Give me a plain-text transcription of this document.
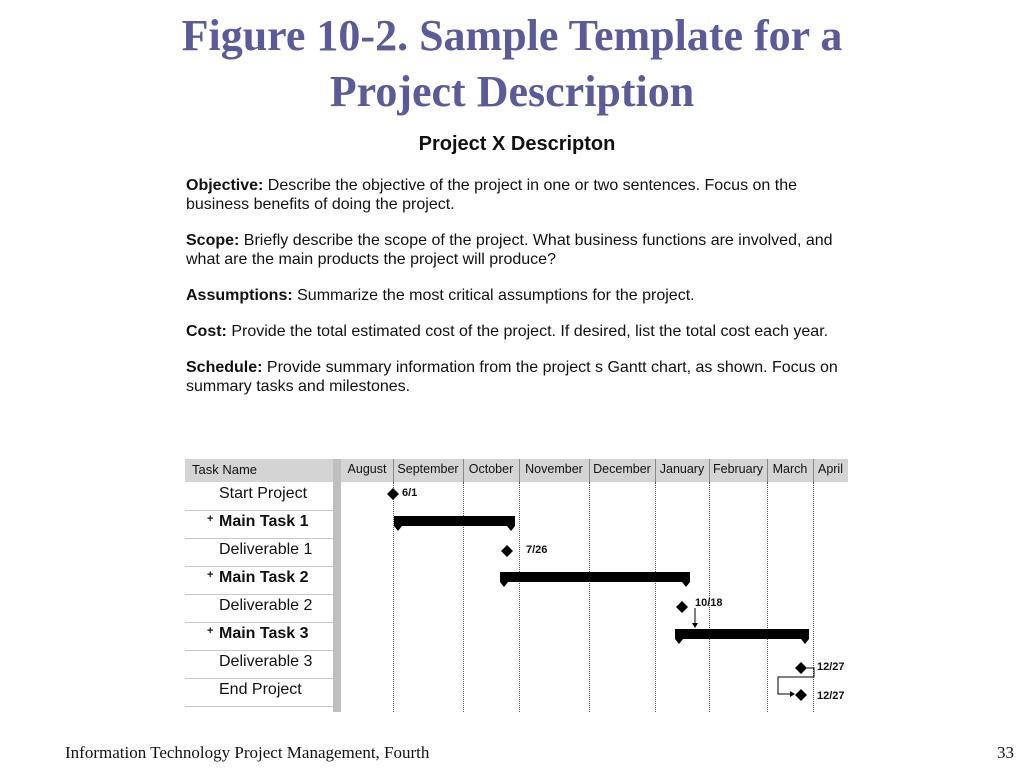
Figure 10-2. Sample Template for a
Project Description
Project X Descripton

Objective: Describe the objective of the project in one or two sentences. Focus on the business benefits of doing the project.

Scope: Briefly describe the scope of the project. What business functions are involved, and what are the main products the project will produce?

Assumptions: Summarize the most critical assumptions for the project.

Cost: Provide the total estimated cost of the project. If desired, list the total cost each year.

Schedule: Provide summary information from the project s Gantt chart, as shown. Focus on summary tasks and milestones.

Task Name	August September October November December January February March April
Start Project
+ Main Task 1
Deliverable 1
+ Main Task 2
Deliverable 2
+ Main Task 3
Deliverable 3
End Project
6/1
7/26
10/18
12/27
12/27
Information Technology Project Management, Fourth	33
